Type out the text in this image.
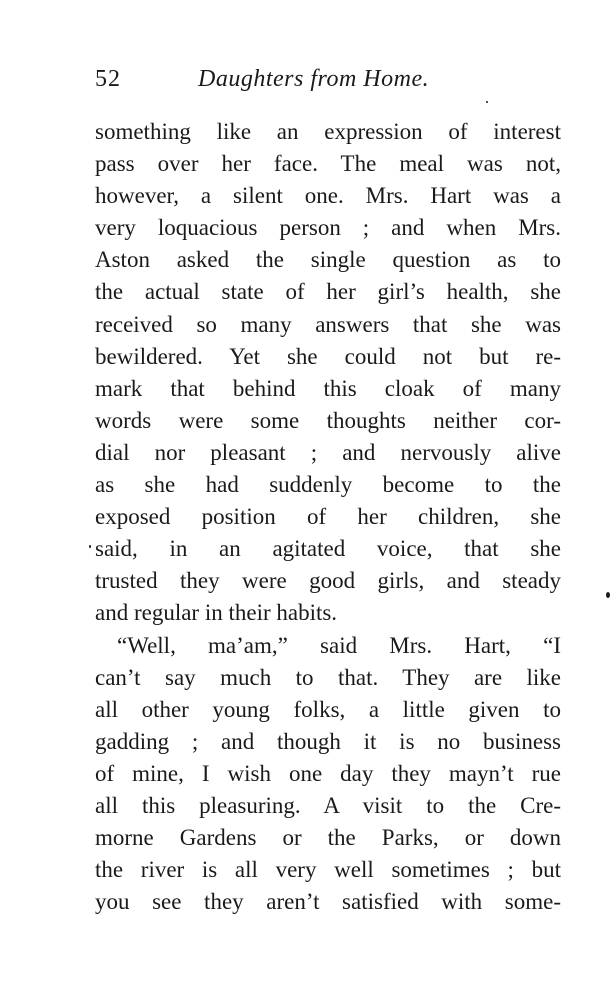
52	Daughters from Home.
something like an expression of interest
pass over her face. The meal was not,
however, a silent one. Mrs. Hart was a
very loquacious person ; and when Mrs.
Aston asked the single question as to
the actual state of her girl’s health, she
received so many answers that she was
bewildered. Yet she could not but re-
mark that behind this cloak of many
words were some thoughts neither cor-
dial nor pleasant ; and nervously alive
as she had suddenly become to the
exposed position of her children, she
said, in an agitated voice, that she
trusted they were good girls, and steady
and regular in their habits.
“Well, ma’am,” said Mrs. Hart, “I
can’t say much to that. They are like
all other young folks, a little given to
gadding ; and though it is no business
of mine, I wish one day they mayn’t rue
all this pleasuring. A visit to the Cre-
morne Gardens or the Parks, or down
the river is all very well sometimes ; but
you see they aren’t satisfied with some-
